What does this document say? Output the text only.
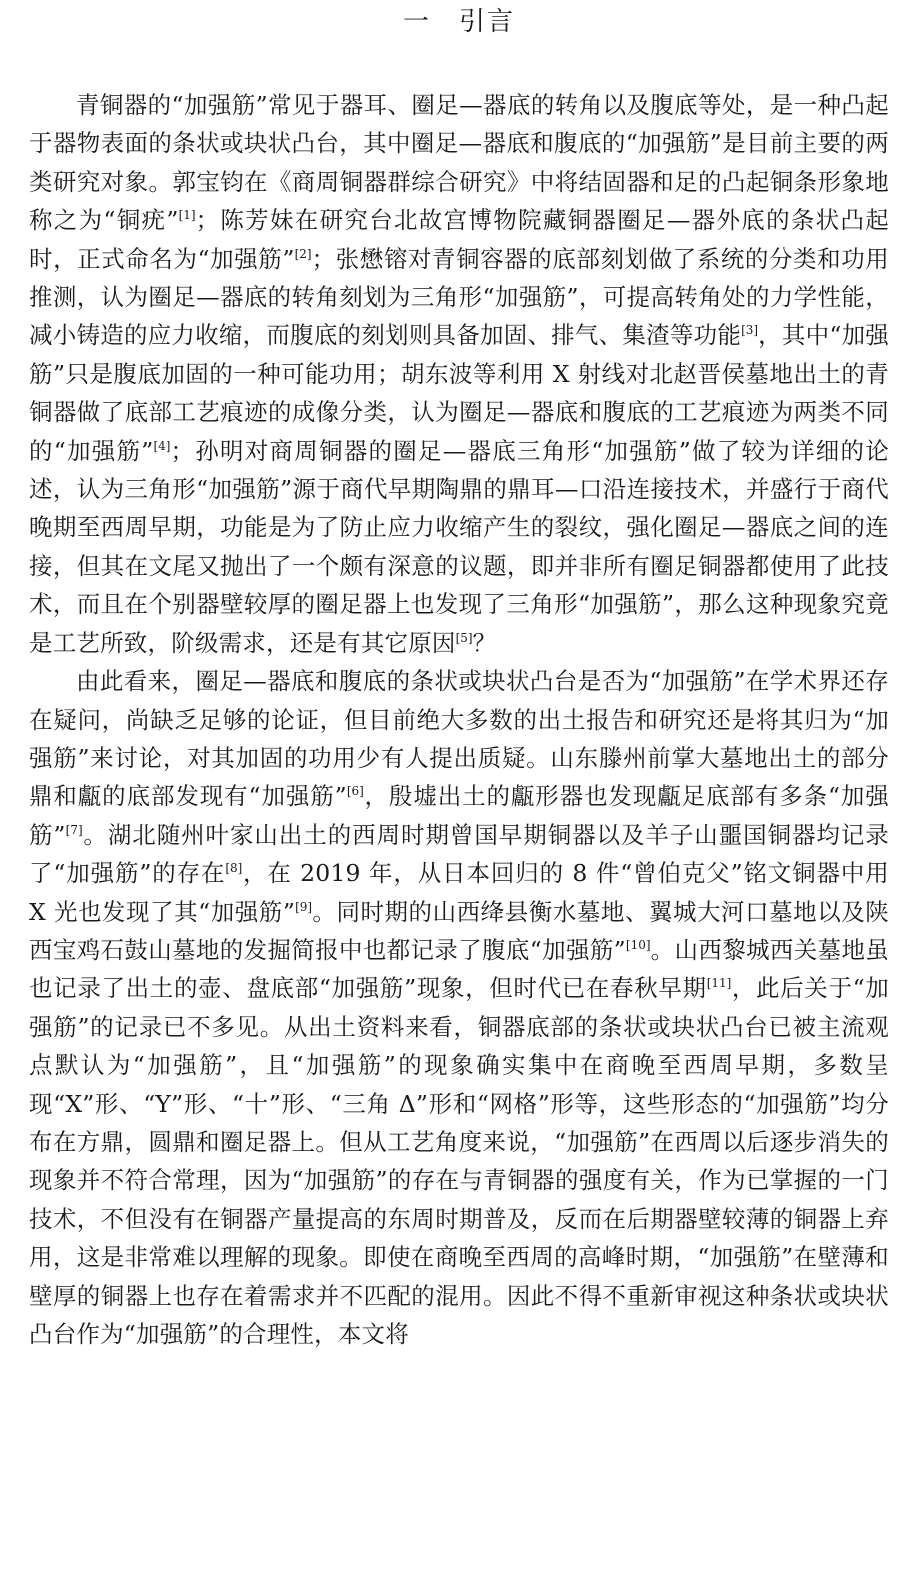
一 引言

青铜器的“加强筋”常见于器耳、圈足—器底的转角以及腹底等处，是一种凸起于器物表面的条状或块状凸台，其中圈足—器底和腹底的“加强筋”是目前主要的两类研究对象。郭宝钧在《商周铜器群综合研究》中将结固器和足的凸起铜条形象地称之为“铜疣”[1]；陈芳妹在研究台北故宫博物院藏铜器圈足—器外底的条状凸起时，正式命名为“加强筋”[2]；张懋镕对青铜容器的底部刻划做了系统的分类和功用推测，认为圈足—器底的转角刻划为三角形“加强筋”，可提高转角处的力学性能，减小铸造的应力收缩，而腹底的刻划则具备加固、排气、集渣等功能[3]，其中“加强筋”只是腹底加固的一种可能功用；胡东波等利用 X 射线对北赵晋侯墓地出土的青铜器做了底部工艺痕迹的成像分类，认为圈足—器底和腹底的工艺痕迹为两类不同的“加强筋”[4]；孙明对商周铜器的圈足—器底三角形“加强筋”做了较为详细的论述，认为三角形“加强筋”源于商代早期陶鼎的鼎耳—口沿连接技术，并盛行于商代晚期至西周早期，功能是为了防止应力收缩产生的裂纹，强化圈足—器底之间的连接，但其在文尾又抛出了一个颇有深意的议题，即并非所有圈足铜器都使用了此技术，而且在个别器壁较厚的圈足器上也发现了三角形“加强筋”，那么这种现象究竟是工艺所致，阶级需求，还是有其它原因[5]？

由此看来，圈足—器底和腹底的条状或块状凸台是否为“加强筋”在学术界还存在疑问，尚缺乏足够的论证，但目前绝大多数的出土报告和研究还是将其归为“加强筋”来讨论，对其加固的功用少有人提出质疑。山东滕州前掌大墓地出土的部分鼎和甗的底部发现有“加强筋”[6]，殷墟出土的甗形器也发现甗足底部有多条“加强筋”[7]。湖北随州叶家山出土的西周时期曾国早期铜器以及羊子山噩国铜器均记录了“加强筋”的存在[8]，在 2019 年，从日本回归的 8 件“曾伯克父”铭文铜器中用 X 光也发现了其“加强筋”[9]。同时期的山西绛县衡水墓地、翼城大河口墓地以及陕西宝鸡石鼓山墓地的发掘简报中也都记录了腹底“加强筋”[10]。山西黎城西关墓地虽也记录了出土的壶、盘底部“加强筋”现象，但时代已在春秋早期[11]，此后关于“加强筋”的记录已不多见。从出土资料来看，铜器底部的条状或块状凸台已被主流观点默认为“加强筋”，且“加强筋”的现象确实集中在商晚至西周早期，多数呈现“X”形、“Y”形、“十”形、“三角 Δ”形和“网格”形等，这些形态的“加强筋”均分布在方鼎，圆鼎和圈足器上。但从工艺角度来说，“加强筋”在西周以后逐步消失的现象并不符合常理，因为“加强筋”的存在与青铜器的强度有关，作为已掌握的一门技术，不但没有在铜器产量提高的东周时期普及，反而在后期器壁较薄的铜器上弃用，这是非常难以理解的现象。即使在商晚至西周的高峰时期，“加强筋”在壁薄和壁厚的铜器上也存在着需求并不匹配的混用。因此不得不重新审视这种条状或块状凸台作为“加强筋”的合理性，本文将
